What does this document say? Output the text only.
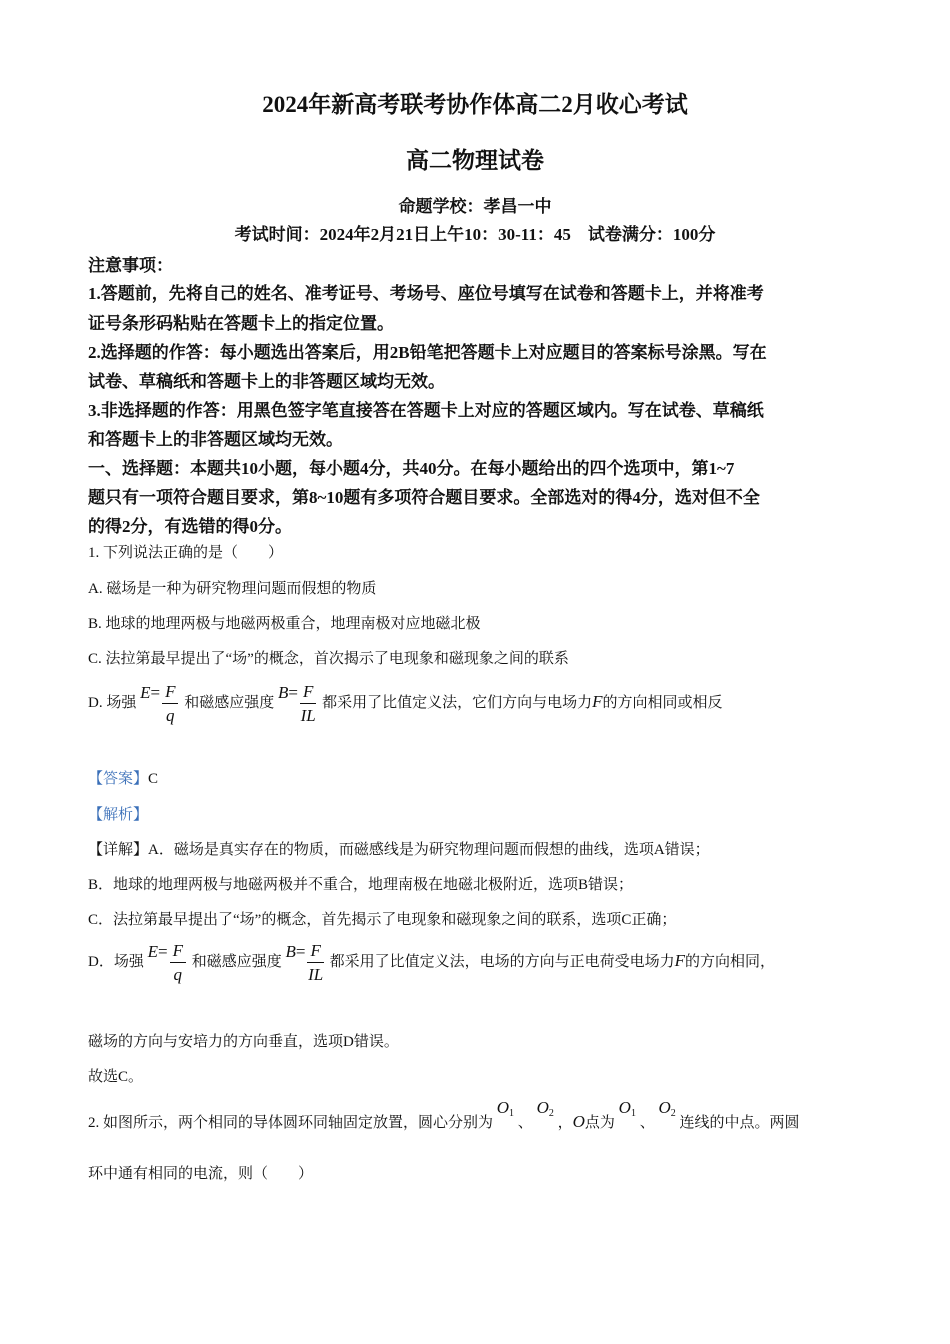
2024年新高考联考协作体高二2月收心考试
高二物理试卷
命题学校：孝昌一中
考试时间：2024年2月21日上午10：30-11：45　试卷满分：100分
注意事项：
1.答题前，先将自己的姓名、准考证号、考场号、座位号填写在试卷和答题卡上，并将准考
证号条形码粘贴在答题卡上的指定位置。
2.选择题的作答：每小题选出答案后，用2B铅笔把答题卡上对应题目的答案标号涂黑。写在
试卷、草稿纸和答题卡上的非答题区域均无效。
3.非选择题的作答：用黑色签字笔直接答在答题卡上对应的答题区域内。写在试卷、草稿纸
和答题卡上的非答题区域均无效。
一、选择题：本题共10小题，每小题4分，共40分。在每小题给出的四个选项中，第1~7
题只有一项符合题目要求，第8~10题有多项符合题目要求。全部选对的得4分，选对但不全
的得2分，有选错的得0分。
1. 下列说法正确的是（　　）
A. 磁场是一种为研究物理问题而假想的物质
B. 地球的地理两极与地磁两极重合，地理南极对应地磁北极
C. 法拉第最早提出了“场”的概念，首次揭示了电现象和磁现象之间的联系
D. 场强 $E= \frac{F}{q}$ 和磁感应强度 $B= \frac{F}{IL}$ 都采用了比值定义法，它们方向与电场力F的方向相同或相反
【答案】C
【解析】
【详解】A．磁场是真实存在的物质，而磁感线是为研究物理问题而假想的曲线，选项A错误；
B．地球的地理两极与地磁两极并不重合，地理南极在地磁北极附近，选项B错误；
C．法拉第最早提出了“场”的概念，首先揭示了电现象和磁现象之间的联系，选项C正确；
D．场强 $E= \frac{F}{q}$ 和磁感应强度 $B= \frac{F}{IL}$ 都采用了比值定义法，电场的方向与正电荷受电场力F的方向相同，
磁场的方向与安培力的方向垂直，选项D错误。
故选C。
2. 如图所示，两个相同的导体圆环同轴固定放置，圆心分别为 $O_1$ 、 $O_2$ ，O点为 $O_1$ 、 $O_2$ 连线的中点。两圆
环中通有相同的电流，则（　　）
